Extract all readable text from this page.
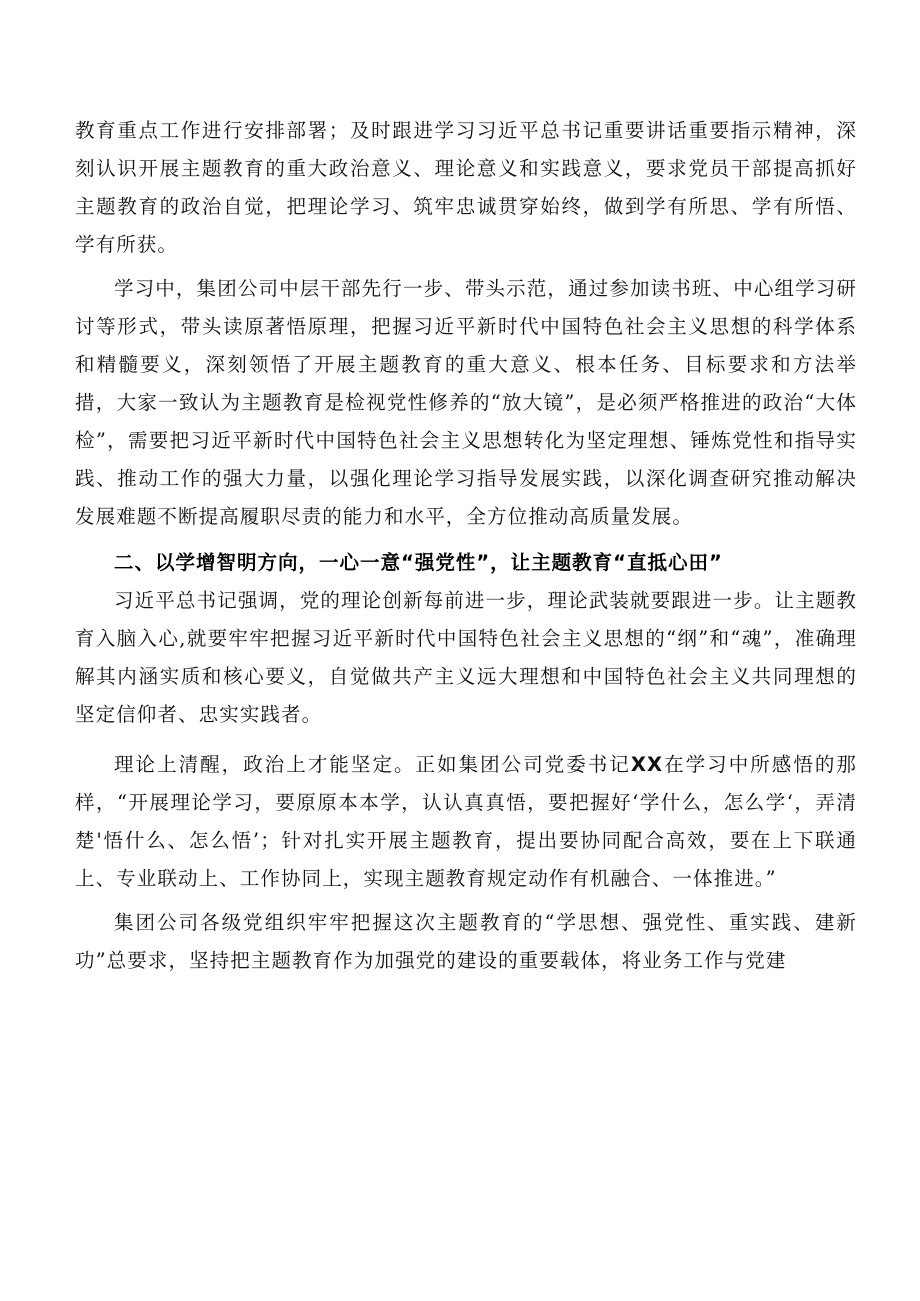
教育重点工作进行安排部署；及时跟进学习习近平总书记重要讲话重要指示精神，深刻认识开展主题教育的重大政治意义、理论意义和实践意义，要求党员干部提高抓好主题教育的政治自觉，把理论学习、筑牢忠诚贯穿始终，做到学有所思、学有所悟、学有所获。

学习中，集团公司中层干部先行一步、带头示范，通过参加读书班、中心组学习研讨等形式，带头读原著悟原理，把握习近平新时代中国特色社会主义思想的科学体系和精髓要义，深刻领悟了开展主题教育的重大意义、根本任务、目标要求和方法举措，大家一致认为主题教育是检视党性修养的“放大镜”，是必须严格推进的政治“大体检”，需要把习近平新时代中国特色社会主义思想转化为坚定理想、锤炼党性和指导实践、推动工作的强大力量，以强化理论学习指导发展实践，以深化调查研究推动解决发展难题不断提高履职尽责的能力和水平，全方位推动高质量发展。

二、以学增智明方向，一心一意“强党性”，让主题教育“直抵心田”

习近平总书记强调，党的理论创新每前进一步，理论武装就要跟进一步。让主题教育入脑入心,就要牢牢把握习近平新时代中国特色社会主义思想的“纲”和“魂”，准确理解其内涵实质和核心要义，自觉做共产主义远大理想和中国特色社会主义共同理想的坚定信仰者、忠实实践者。

理论上清醒，政治上才能坚定。正如集团公司党委书记XX在学习中所感悟的那样，“开展理论学习，要原原本本学，认认真真悟，要把握好‘学什么，怎么学‘，弄清楚'悟什么、怎么悟’；针对扎实开展主题教育，提出要协同配合高效，要在上下联通上、专业联动上、工作协同上，实现主题教育规定动作有机融合、一体推进。”

集团公司各级党组织牢牢把握这次主题教育的“学思想、强党性、重实践、建新功”总要求，坚持把主题教育作为加强党的建设的重要载体，将业务工作与党建
